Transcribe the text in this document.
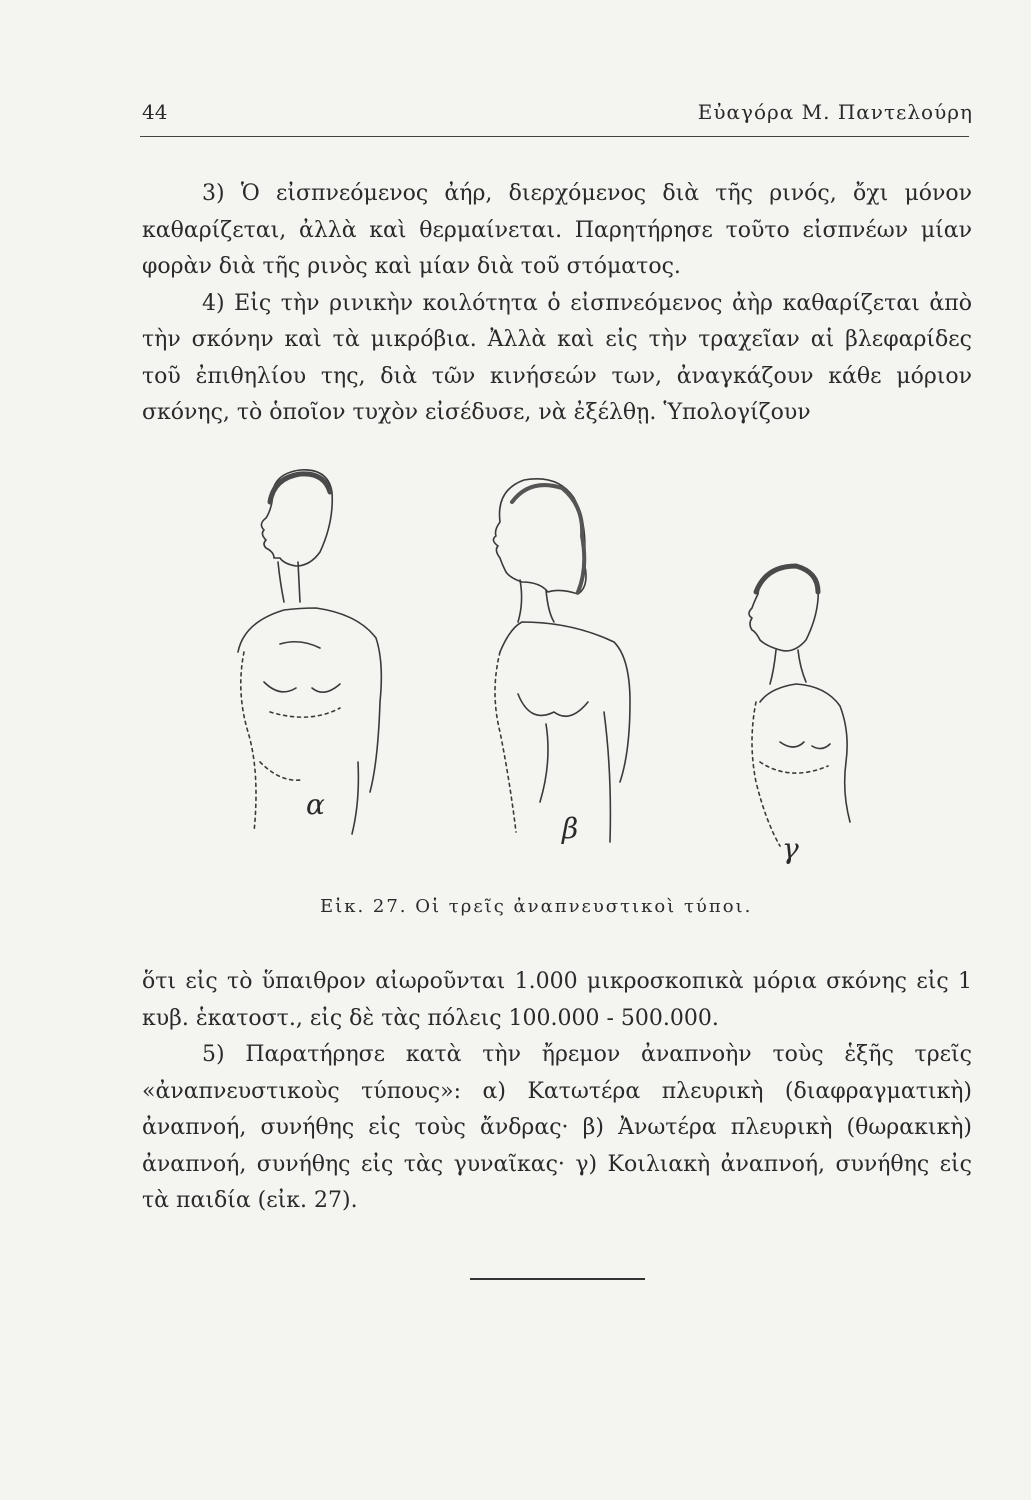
44	Εὐαγόρα Μ. Παντελούρη

3) Ὁ εἰσπνεόμενος ἀήρ, διερχόμενος διὰ τῆς ρινός, ὄχι μόνον καθαρίζεται, ἀλλὰ καὶ θερμαίνεται. Παρητήρησε τοῦτο εἰσπνέων μίαν φορὰν διὰ τῆς ρινὸς καὶ μίαν διὰ τοῦ στόματος.

4) Εἰς τὴν ρινικὴν κοιλότητα ὁ εἰσπνεόμενος ἀὴρ καθαρίζεται ἀπὸ τὴν σκόνην καὶ τὰ μικρόβια. Ἀλλὰ καὶ εἰς τὴν τραχεῖαν αἱ βλεφαρίδες τοῦ ἐπιθηλίου της, διὰ τῶν κινήσεών των, ἀναγκάζουν κάθε μόριον σκόνης, τὸ ὁποῖον τυχὸν εἰσέδυσε, νὰ ἐξέλθῃ. Ὑπολογίζουν

α
β
γ
Εἰκ. 27. Οἱ τρεῖς ἀναπνευστικοὶ τύποι.

ὅτι εἰς τὸ ὕπαιθρον αἰωροῦνται 1.000 μικροσκοπικὰ μόρια σκόνης εἰς 1 κυβ. ἑκατοστ., εἰς δὲ τὰς πόλεις 100.000 - 500.000.

5) Παρατήρησε κατὰ τὴν ἤρεμον ἀναπνοὴν τοὺς ἑξῆς τρεῖς «ἀναπνευστικοὺς τύπους»: α) Κατωτέρα πλευρικὴ (διαφραγματικὴ) ἀναπνοή, συνήθης εἰς τοὺς ἄνδρας· β) Ἀνωτέρα πλευρικὴ (θωρακικὴ) ἀναπνοή, συνήθης εἰς τὰς γυναῖκας· γ) Κοιλιακὴ ἀναπνοή, συνήθης εἰς τὰ παιδία (εἰκ. 27).
